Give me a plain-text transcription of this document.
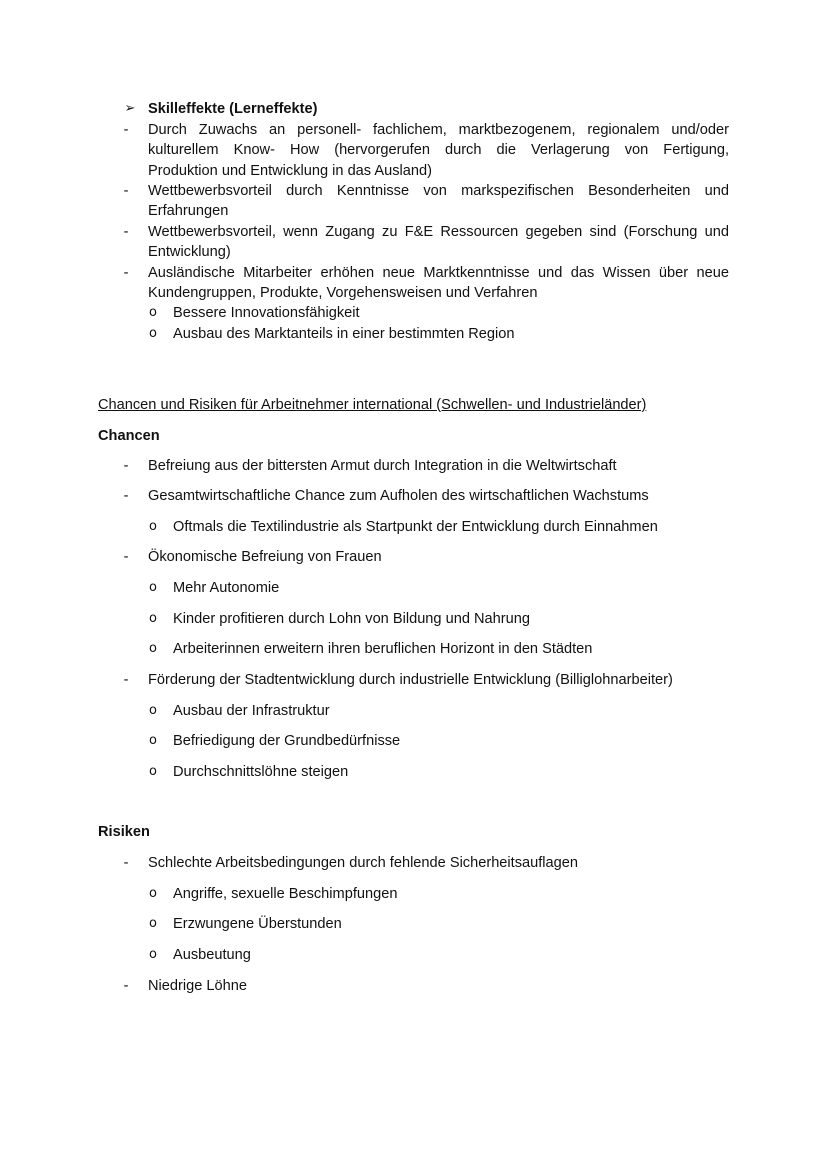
➢ Skilleffekte (Lerneffekte)
- Durch Zuwachs an personell- fachlichem, marktbezogenem, regionalem und/oder
kulturellem Know- How (hervorgerufen durch die Verlagerung von Fertigung,
Produktion und Entwicklung in das Ausland)
- Wettbewerbsvorteil durch Kenntnisse von markspezifischen Besonderheiten und
Erfahrungen
- Wettbewerbsvorteil, wenn Zugang zu F&E Ressourcen gegeben sind (Forschung und
Entwicklung)
- Ausländische Mitarbeiter erhöhen neue Marktkenntnisse und das Wissen über neue
Kundengruppen, Produkte, Vorgehensweisen und Verfahren
o Bessere Innovationsfähigkeit
o Ausbau des Marktanteils in einer bestimmten Region
Chancen und Risiken für Arbeitnehmer international (Schwellen- und Industrieländer)
Chancen
- Befreiung aus der bittersten Armut durch Integration in die Weltwirtschaft
- Gesamtwirtschaftliche Chance zum Aufholen des wirtschaftlichen Wachstums
o Oftmals die Textilindustrie als Startpunkt der Entwicklung durch Einnahmen
- Ökonomische Befreiung von Frauen
o Mehr Autonomie
o Kinder profitieren durch Lohn von Bildung und Nahrung
o Arbeiterinnen erweitern ihren beruflichen Horizont in den Städten
- Förderung der Stadtentwicklung durch industrielle Entwicklung (Billiglohnarbeiter)
o Ausbau der Infrastruktur
o Befriedigung der Grundbedürfnisse
o Durchschnittslöhne steigen
Risiken
- Schlechte Arbeitsbedingungen durch fehlende Sicherheitsauflagen
o Angriffe, sexuelle Beschimpfungen
o Erzwungene Überstunden
o Ausbeutung
- Niedrige Löhne
